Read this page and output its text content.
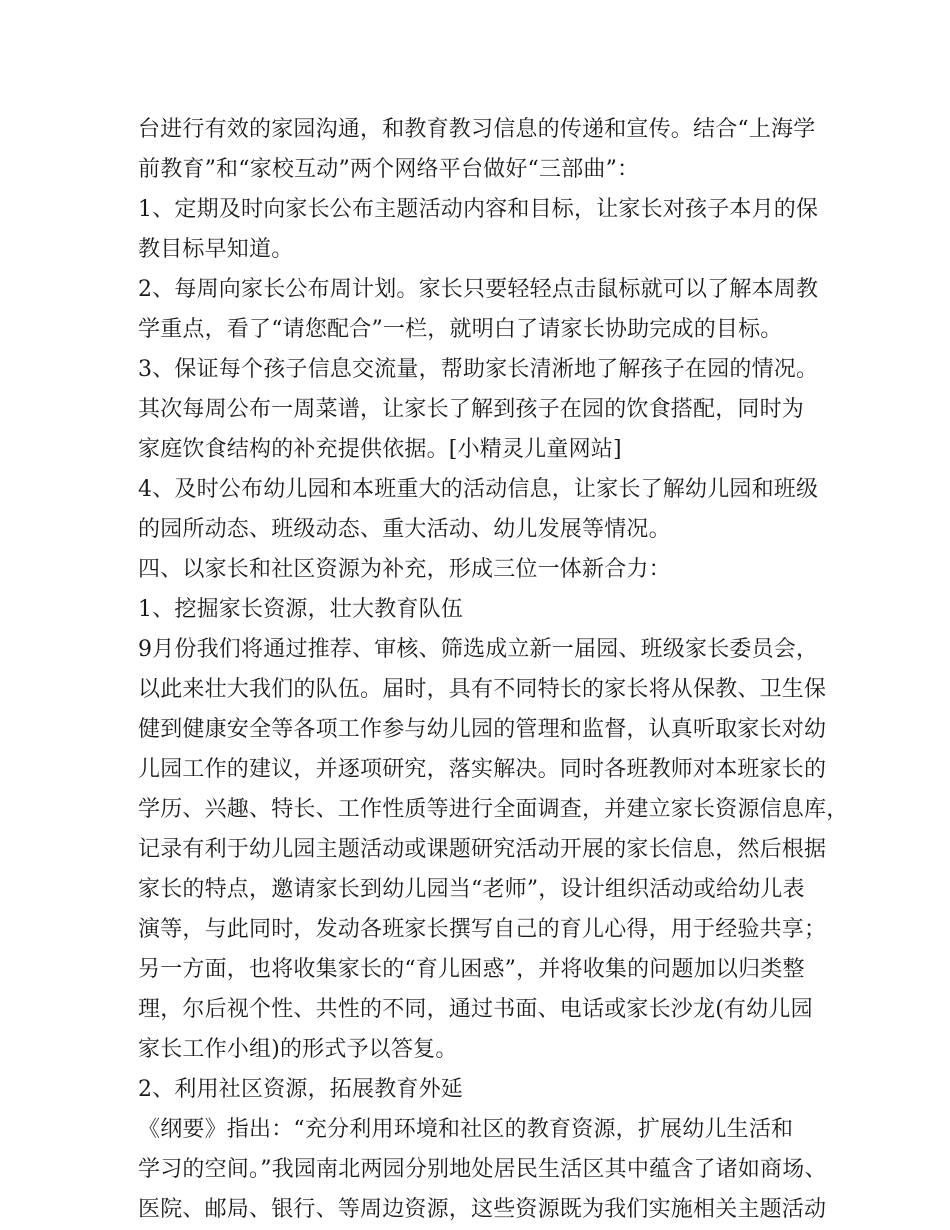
台进行有效的家园沟通，和教育教习信息的传递和宣传。结合“上海学
前教育”和“家校互动”两个网络平台做好“三部曲”：
1、定期及时向家长公布主题活动内容和目标，让家长对孩子本月的保
教目标早知道。
2、每周向家长公布周计划。家长只要轻轻点击鼠标就可以了解本周教
学重点，看了“请您配合”一栏，就明白了请家长协助完成的目标。
3、保证每个孩子信息交流量，帮助家长清淅地了解孩子在园的情况。
其次每周公布一周菜谱，让家长了解到孩子在园的饮食搭配，同时为
家庭饮食结构的补充提供依据。[小精灵儿童网站]
4、及时公布幼儿园和本班重大的活动信息，让家长了解幼儿园和班级
的园所动态、班级动态、重大活动、幼儿发展等情况。
四、以家长和社区资源为补充，形成三位一体新合力：
1、挖掘家长资源，壮大教育队伍
9月份我们将通过推荐、审核、筛选成立新一届园、班级家长委员会，
以此来壮大我们的队伍。届时，具有不同特长的家长将从保教、卫生保
健到健康安全等各项工作参与幼儿园的管理和监督，认真听取家长对幼
儿园工作的建议，并逐项研究，落实解决。同时各班教师对本班家长的
学历、兴趣、特长、工作性质等进行全面调查，并建立家长资源信息库，
记录有利于幼儿园主题活动或课题研究活动开展的家长信息，然后根据
家长的特点，邀请家长到幼儿园当“老师”，设计组织活动或给幼儿表
演等，与此同时，发动各班家长撰写自己的育儿心得，用于经验共享；
另一方面，也将收集家长的“育儿困惑”，并将收集的问题加以归类整
理，尔后视个性、共性的不同，通过书面、电话或家长沙龙(有幼儿园
家长工作小组)的形式予以答复。
2、利用社区资源，拓展教育外延
《纲要》指出：“充分利用环境和社区的教育资源，扩展幼儿生活和
学习的空间。”我园南北两园分别地处居民生活区其中蕴含了诸如商场、
医院、邮局、银行、等周边资源，这些资源既为我们实施相关主题活动
